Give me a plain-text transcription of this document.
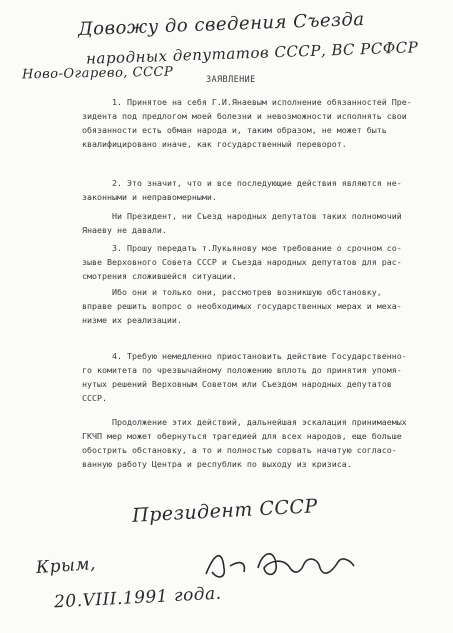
Довожу до сведения Съезда
народных депутатов СССР, ВС РСФСР
Ново-Огарево, СССР	ЗАЯВЛЕНИЕ
1. Принятое на себя Г.И.Янаевым исполнение обязанностей Пре-
зидента под предлогом моей болезни и невозможности исполнять свои
обязанности есть обман народа и, таким образом, не может быть
квалифицировано иначе, как государственный переворот.
2. Это значит, что и все последующие действия являются не-
законными и неправомерными.
Ни Президент, ни Съезд народных депутатов таких полномочий
Янаеву не давали.
3. Прошу передать т.Лукьянову мое требование о срочном со-
зыве Верховного Совета СССР и Съезда народных депутатов для рас-
смотрения сложившейся ситуации.
Ибо они и только они, рассмотрев возникшую обстановку,
вправе решить вопрос о необходимых государственных мерах и меха-
низме их реализации.
4. Требую немедленно приостановить действие Государственно-
го комитета по чрезвычайному положению вплоть до принятия упомя-
нутых решений Верховным Советом или Съездом народных депутатов
СССР.
Продолжение этих действий, дальнейшая эскалация принимаемых
ГКЧП мер может обернуться трагедией для всех народов, еще больше
обострить обстановку, а то и полностью сорвать начатую согласо-
ванную работу Центра и республик по выходу из кризиса.
Президент СССР
Крым,
20.VIII.1991 года.
